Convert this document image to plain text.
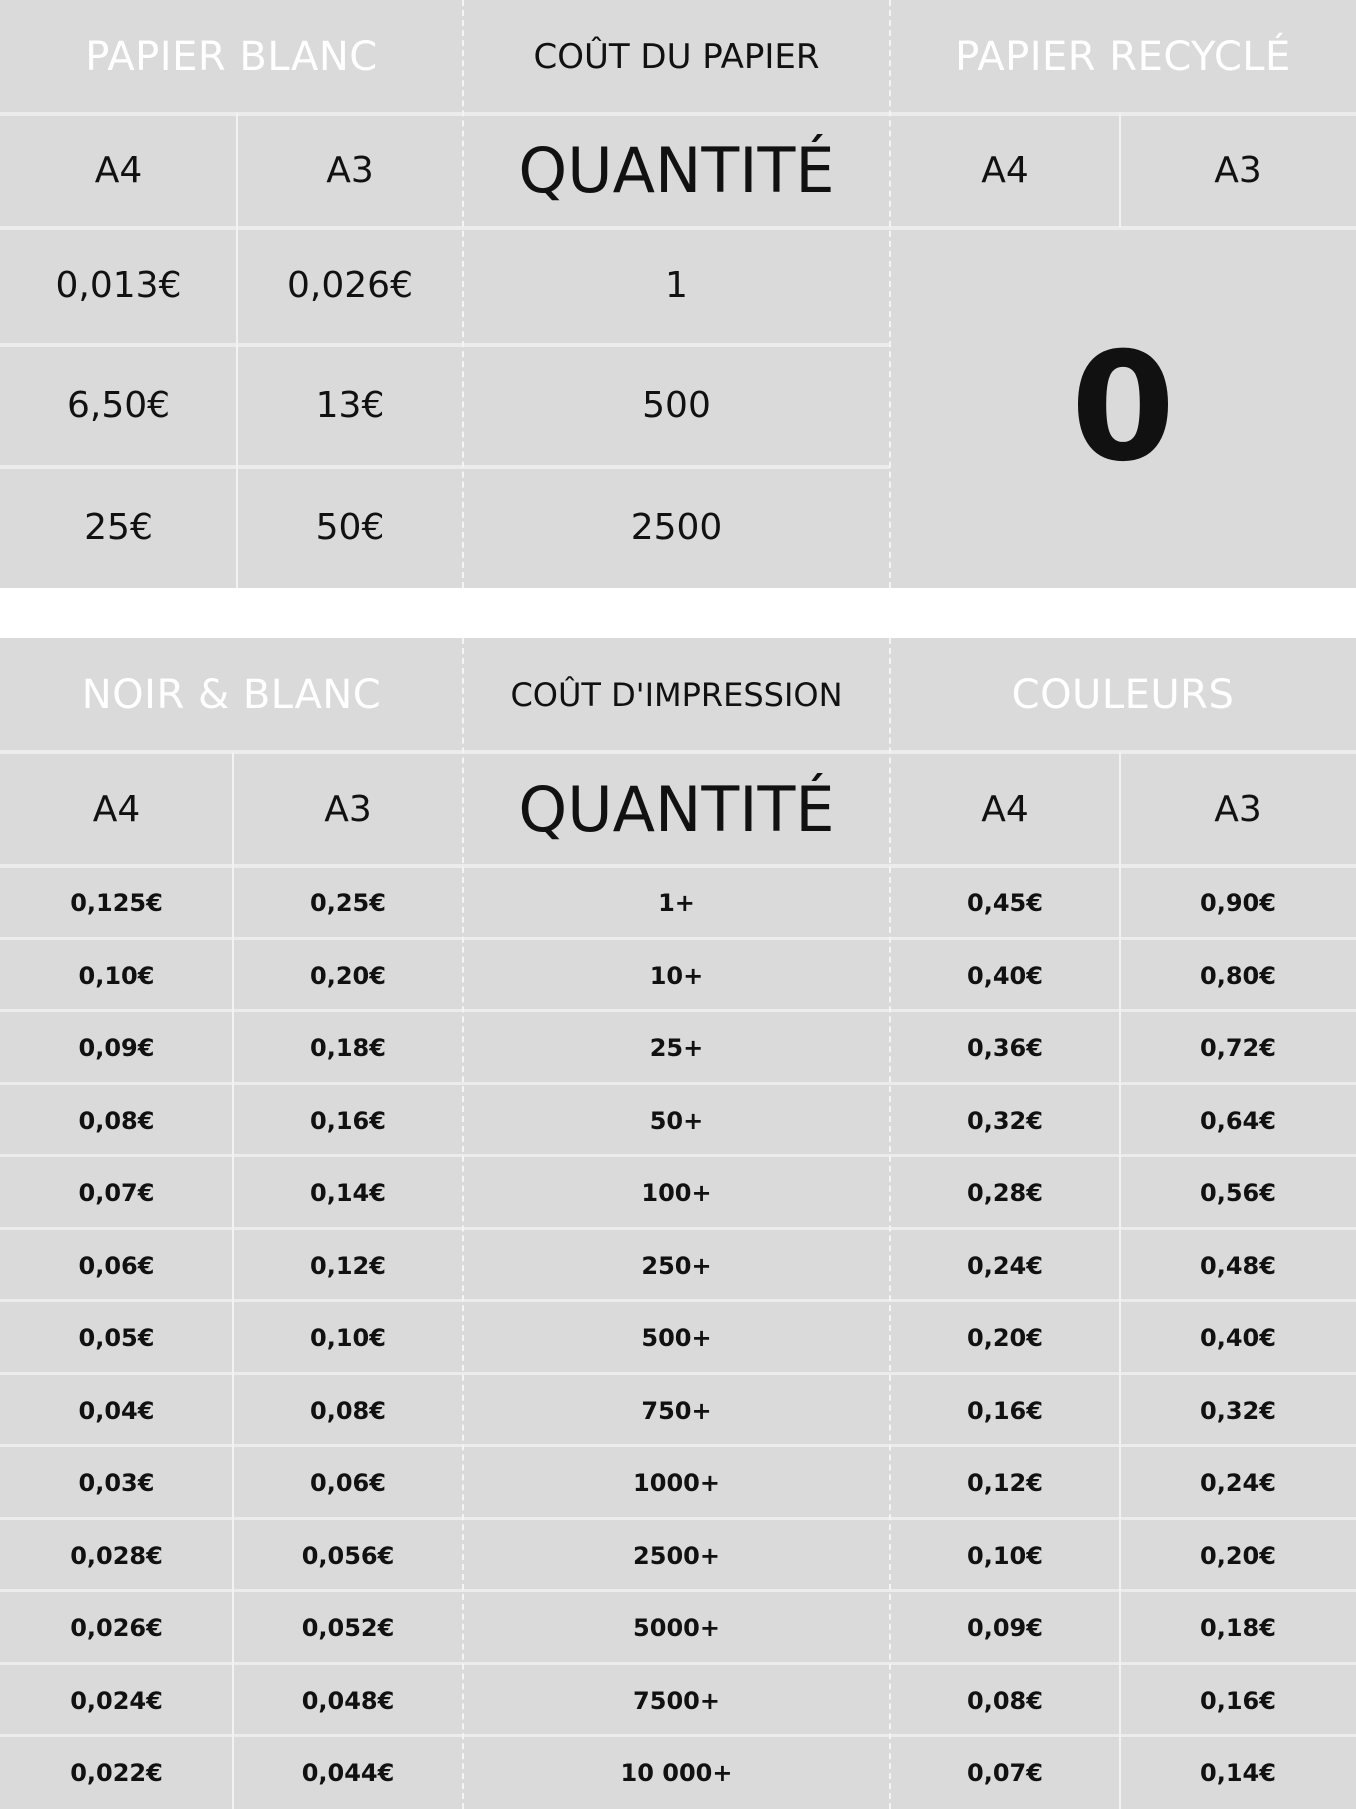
PAPIER BLANC	COÛT DU PAPIER	PAPIER RECYCLÉ
A4	A3	QUANTITÉ	A4	A3
0
0,013€	0,026€	1
6,50€	13€	500
25€	50€	2500
NOIR & BLANC	COÛT D'IMPRESSION	COULEURS
A4	A3	QUANTITÉ	A4	A3
0,125€	0,25€	1+	0,45€	0,90€
0,10€	0,20€	10+	0,40€	0,80€
0,09€	0,18€	25+	0,36€	0,72€
0,08€	0,16€	50+	0,32€	0,64€
0,07€	0,14€	100+	0,28€	0,56€
0,06€	0,12€	250+	0,24€	0,48€
0,05€	0,10€	500+	0,20€	0,40€
0,04€	0,08€	750+	0,16€	0,32€
0,03€	0,06€	1000+	0,12€	0,24€
0,028€	0,056€	2500+	0,10€	0,20€
0,026€	0,052€	5000+	0,09€	0,18€
0,024€	0,048€	7500+	0,08€	0,16€
0,022€	0,044€	10 000+	0,07€	0,14€
